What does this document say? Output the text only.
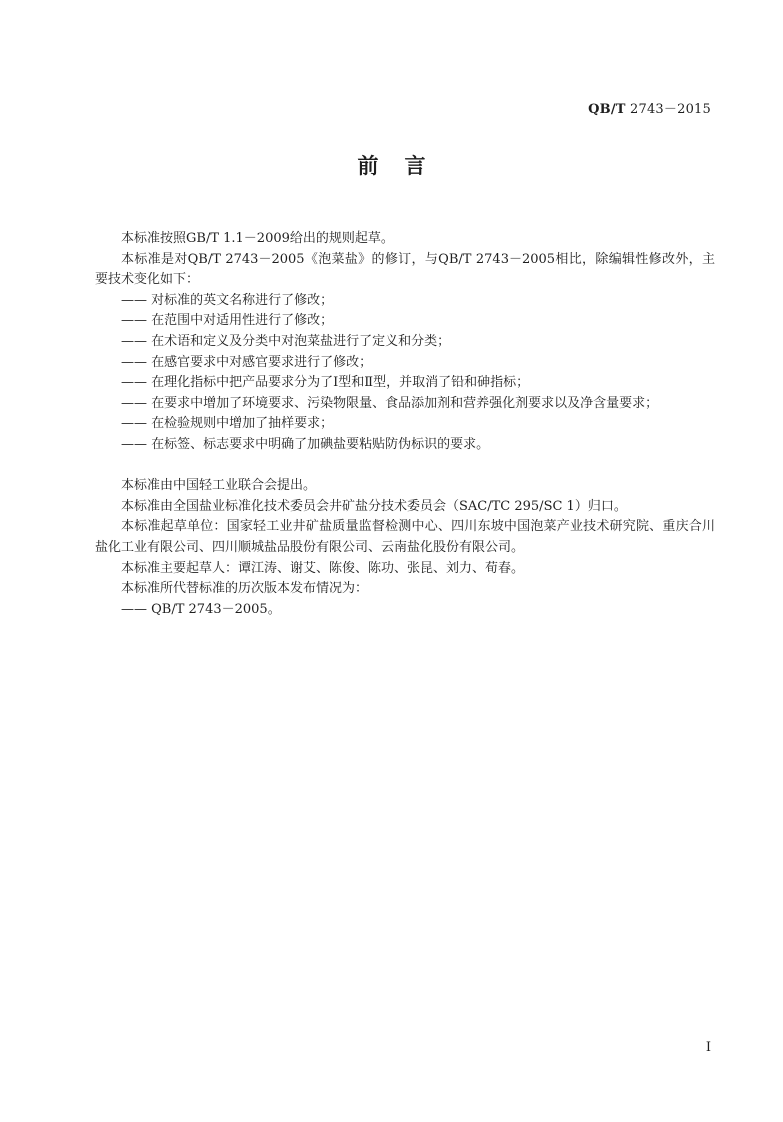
QB/T 2743－2015
前言

本标准按照GB/T 1.1－2009给出的规则起草。

本标准是对QB/T 2743－2005《泡菜盐》的修订，与QB/T 2743－2005相比，除编辑性修改外，主要技术变化如下：

—— 对标准的英文名称进行了修改；

—— 在范围中对适用性进行了修改；

—— 在术语和定义及分类中对泡菜盐进行了定义和分类；

—— 在感官要求中对感官要求进行了修改；

—— 在理化指标中把产品要求分为了Ⅰ型和Ⅱ型，并取消了铅和砷指标；

—— 在要求中增加了环境要求、污染物限量、食品添加剂和营养强化剂要求以及净含量要求；

—— 在检验规则中增加了抽样要求；

—— 在标签、标志要求中明确了加碘盐要粘贴防伪标识的要求。

本标准由中国轻工业联合会提出。

本标准由全国盐业标准化技术委员会井矿盐分技术委员会（SAC/TC 295/SC 1）归口。

本标准起草单位：国家轻工业井矿盐质量监督检测中心、四川东坡中国泡菜产业技术研究院、重庆合川盐化工业有限公司、四川顺城盐品股份有限公司、云南盐化股份有限公司。

本标准主要起草人：谭江涛、谢艾、陈俊、陈功、张昆、刘力、荀春。

本标准所代替标准的历次版本发布情况为：

—— QB/T 2743－2005。

I
